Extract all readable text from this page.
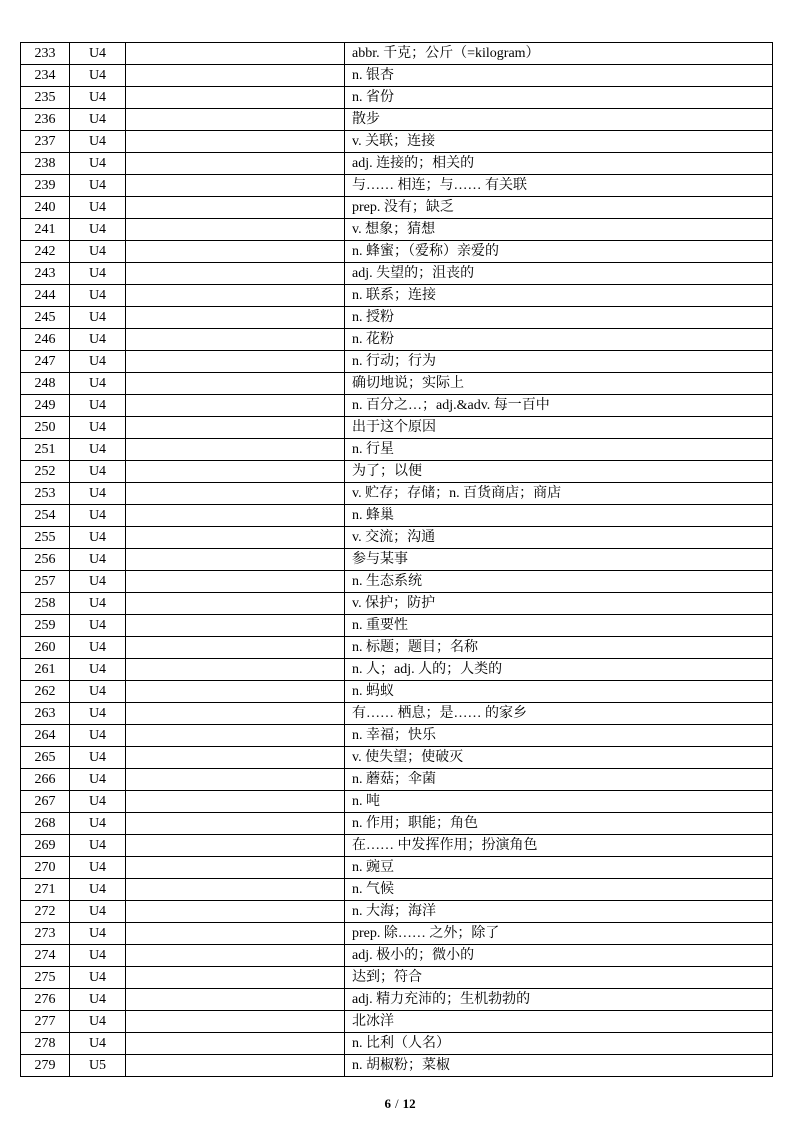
233	U4		abbr. 千克；公斤（=kilogram）
234	U4		n. 银杏
235	U4		n. 省份
236	U4		散步
237	U4		v. 关联；连接
238	U4		adj. 连接的；相关的
239	U4		与…… 相连；与…… 有关联
240	U4		prep. 没有；缺乏
241	U4		v. 想象；猜想
242	U4		n. 蜂蜜；（爱称）亲爱的
243	U4		adj. 失望的；沮丧的
244	U4		n. 联系；连接
245	U4		n. 授粉
246	U4		n. 花粉
247	U4		n. 行动；行为
248	U4		确切地说；实际上
249	U4		n. 百分之…；adj.&adv. 每一百中
250	U4		出于这个原因
251	U4		n. 行星
252	U4		为了；以便
253	U4		v. 贮存；存储；n. 百货商店；商店
254	U4		n. 蜂巢
255	U4		v. 交流；沟通
256	U4		参与某事
257	U4		n. 生态系统
258	U4		v. 保护；防护
259	U4		n. 重要性
260	U4		n. 标题；题目；名称
261	U4		n. 人；adj. 人的；人类的
262	U4		n. 蚂蚁
263	U4		有…… 栖息；是…… 的家乡
264	U4		n. 幸福；快乐
265	U4		v. 使失望；使破灭
266	U4		n. 蘑菇；伞菌
267	U4		n. 吨
268	U4		n. 作用；职能；角色
269	U4		在…… 中发挥作用；扮演角色
270	U4		n. 豌豆
271	U4		n. 气候
272	U4		n. 大海；海洋
273	U4		prep. 除…… 之外；除了
274	U4		adj. 极小的；微小的
275	U4		达到；符合
276	U4		adj. 精力充沛的；生机勃勃的
277	U4		北冰洋
278	U4		n. 比利（人名）
279	U5		n. 胡椒粉；菜椒
6 / 12
